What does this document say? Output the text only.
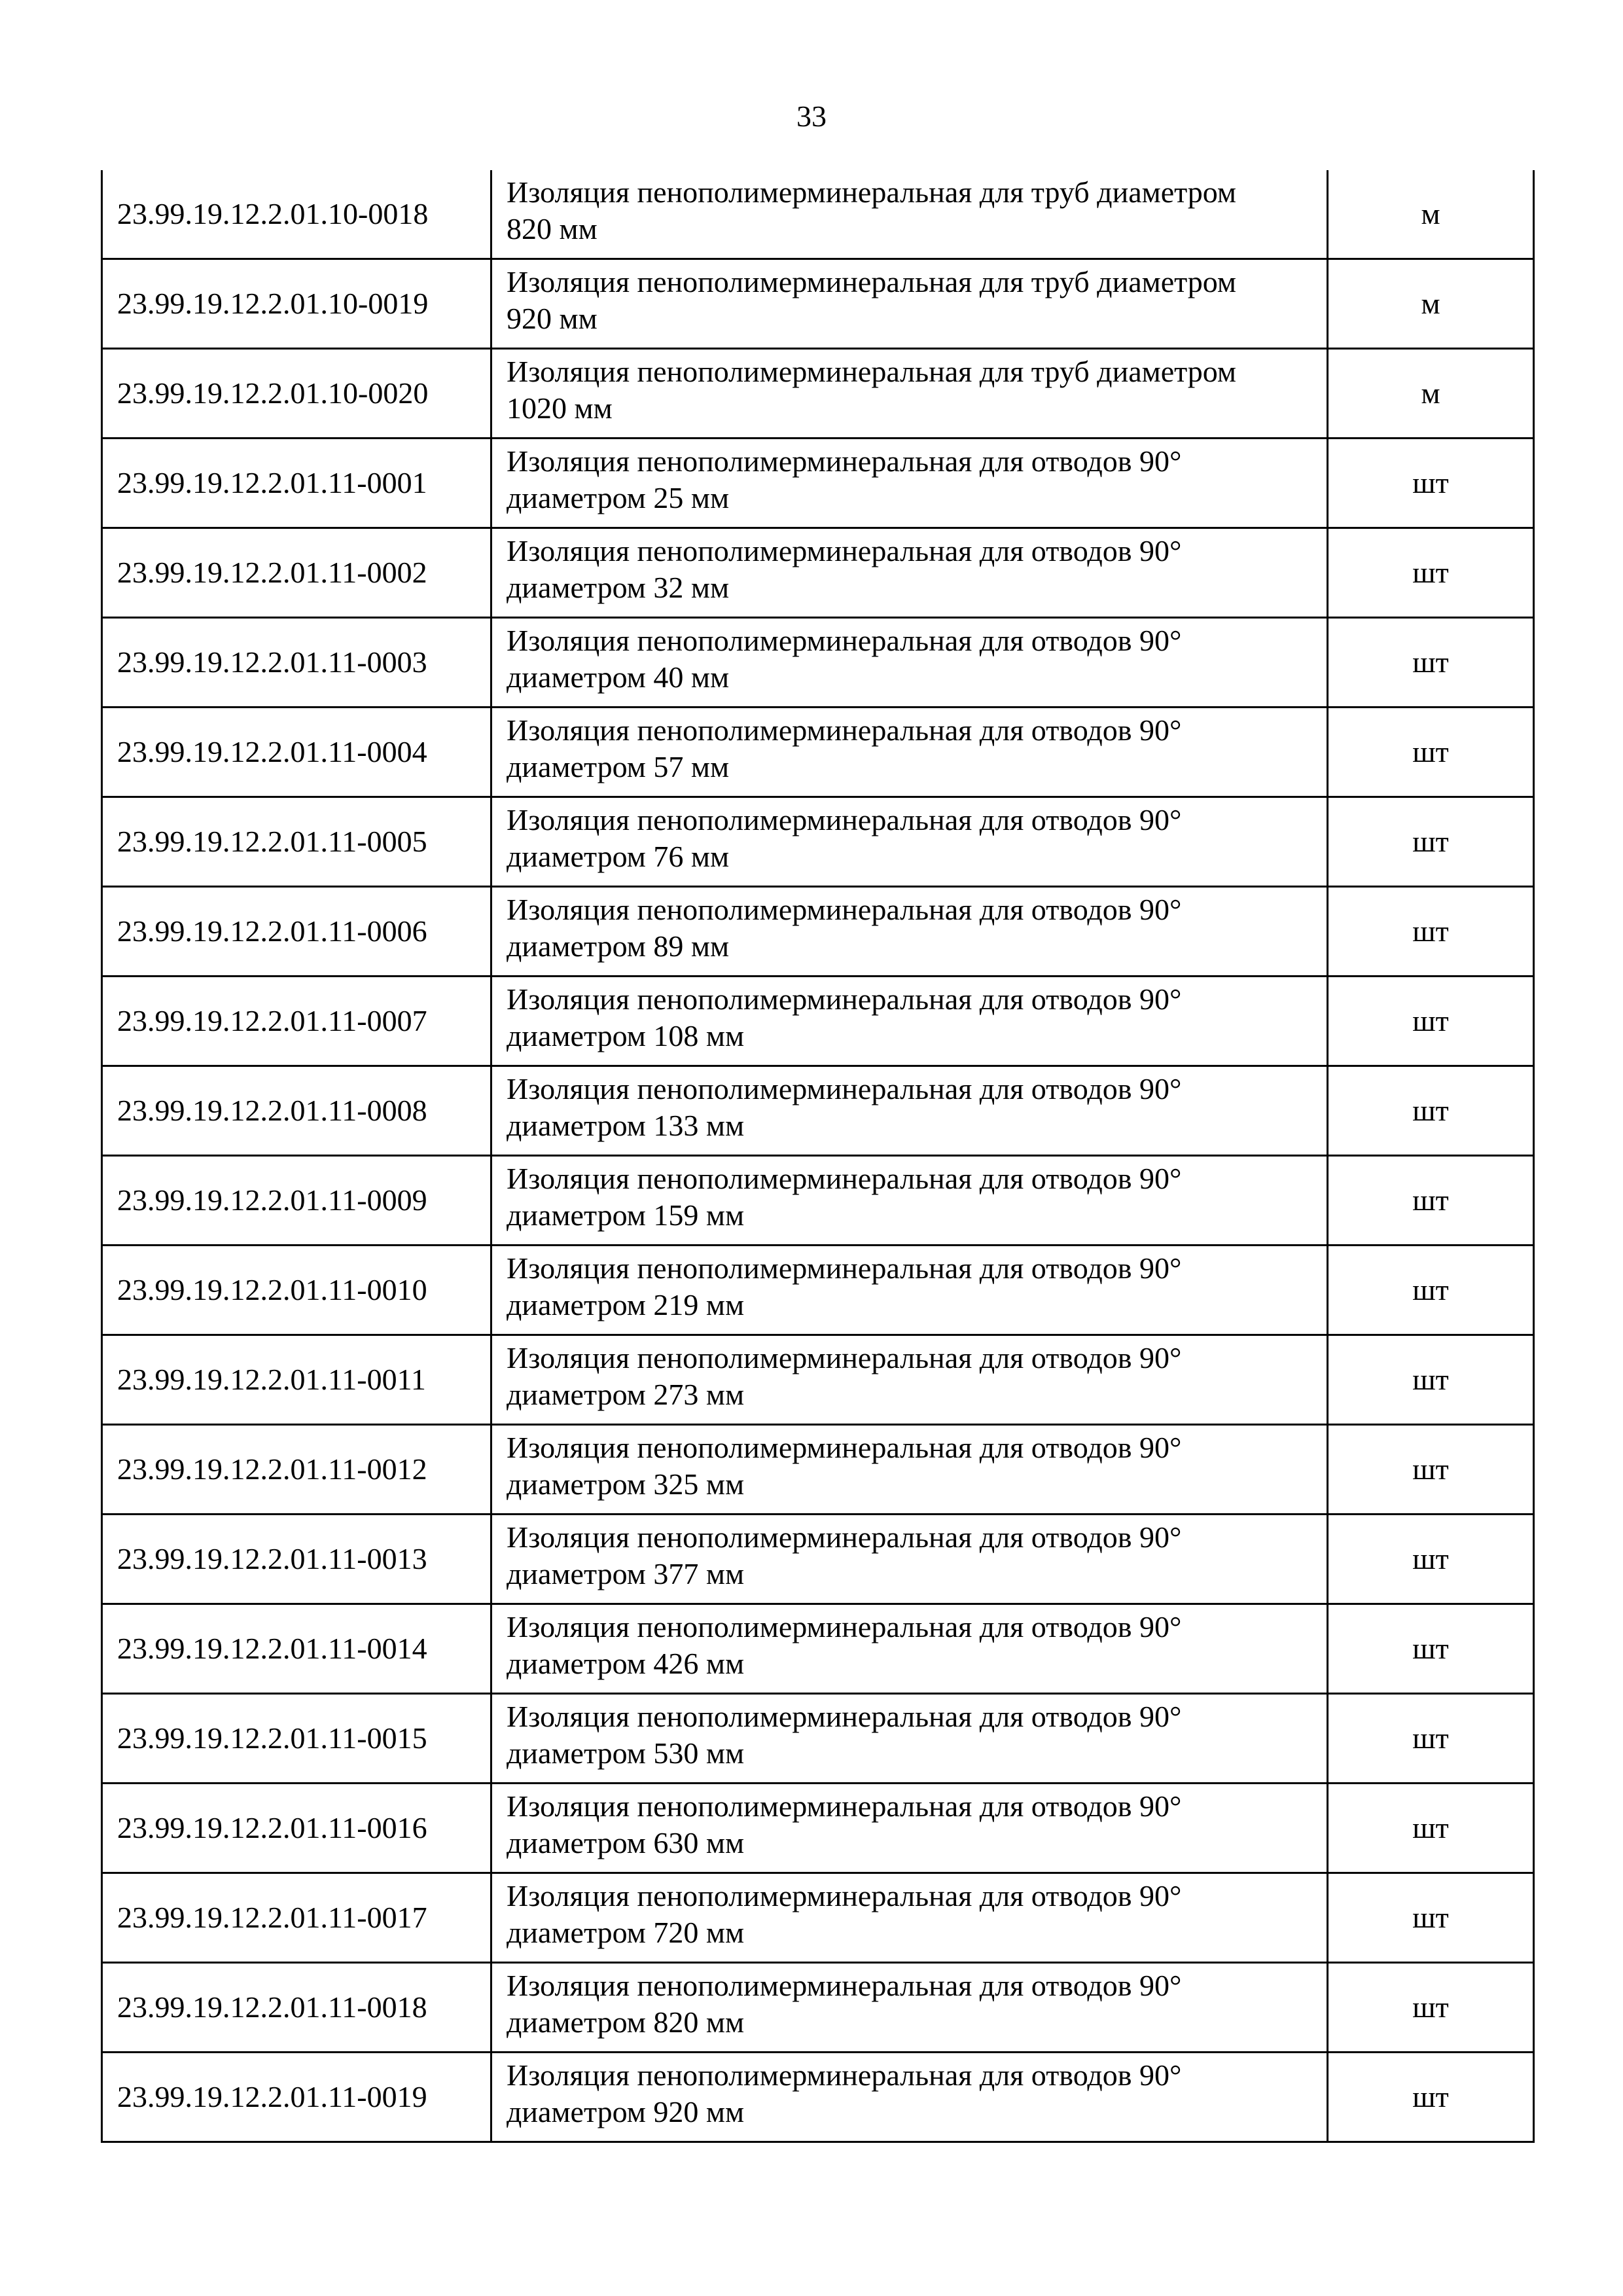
33
23.99.19.12.2.01.10-0018	Изоляция пенополимерминеральная для труб диаметром
820 мм	м
23.99.19.12.2.01.10-0019	Изоляция пенополимерминеральная для труб диаметром
920 мм	м
23.99.19.12.2.01.10-0020	Изоляция пенополимерминеральная для труб диаметром
1020 мм	м
23.99.19.12.2.01.11-0001	Изоляция пенополимерминеральная для отводов 90°
диаметром 25 мм	шт
23.99.19.12.2.01.11-0002	Изоляция пенополимерминеральная для отводов 90°
диаметром 32 мм	шт
23.99.19.12.2.01.11-0003	Изоляция пенополимерминеральная для отводов 90°
диаметром 40 мм	шт
23.99.19.12.2.01.11-0004	Изоляция пенополимерминеральная для отводов 90°
диаметром 57 мм	шт
23.99.19.12.2.01.11-0005	Изоляция пенополимерминеральная для отводов 90°
диаметром 76 мм	шт
23.99.19.12.2.01.11-0006	Изоляция пенополимерминеральная для отводов 90°
диаметром 89 мм	шт
23.99.19.12.2.01.11-0007	Изоляция пенополимерминеральная для отводов 90°
диаметром 108 мм	шт
23.99.19.12.2.01.11-0008	Изоляция пенополимерминеральная для отводов 90°
диаметром 133 мм	шт
23.99.19.12.2.01.11-0009	Изоляция пенополимерминеральная для отводов 90°
диаметром 159 мм	шт
23.99.19.12.2.01.11-0010	Изоляция пенополимерминеральная для отводов 90°
диаметром 219 мм	шт
23.99.19.12.2.01.11-0011	Изоляция пенополимерминеральная для отводов 90°
диаметром 273 мм	шт
23.99.19.12.2.01.11-0012	Изоляция пенополимерминеральная для отводов 90°
диаметром 325 мм	шт
23.99.19.12.2.01.11-0013	Изоляция пенополимерминеральная для отводов 90°
диаметром 377 мм	шт
23.99.19.12.2.01.11-0014	Изоляция пенополимерминеральная для отводов 90°
диаметром 426 мм	шт
23.99.19.12.2.01.11-0015	Изоляция пенополимерминеральная для отводов 90°
диаметром 530 мм	шт
23.99.19.12.2.01.11-0016	Изоляция пенополимерминеральная для отводов 90°
диаметром 630 мм	шт
23.99.19.12.2.01.11-0017	Изоляция пенополимерминеральная для отводов 90°
диаметром 720 мм	шт
23.99.19.12.2.01.11-0018	Изоляция пенополимерминеральная для отводов 90°
диаметром 820 мм	шт
23.99.19.12.2.01.11-0019	Изоляция пенополимерминеральная для отводов 90°
диаметром 920 мм	шт
